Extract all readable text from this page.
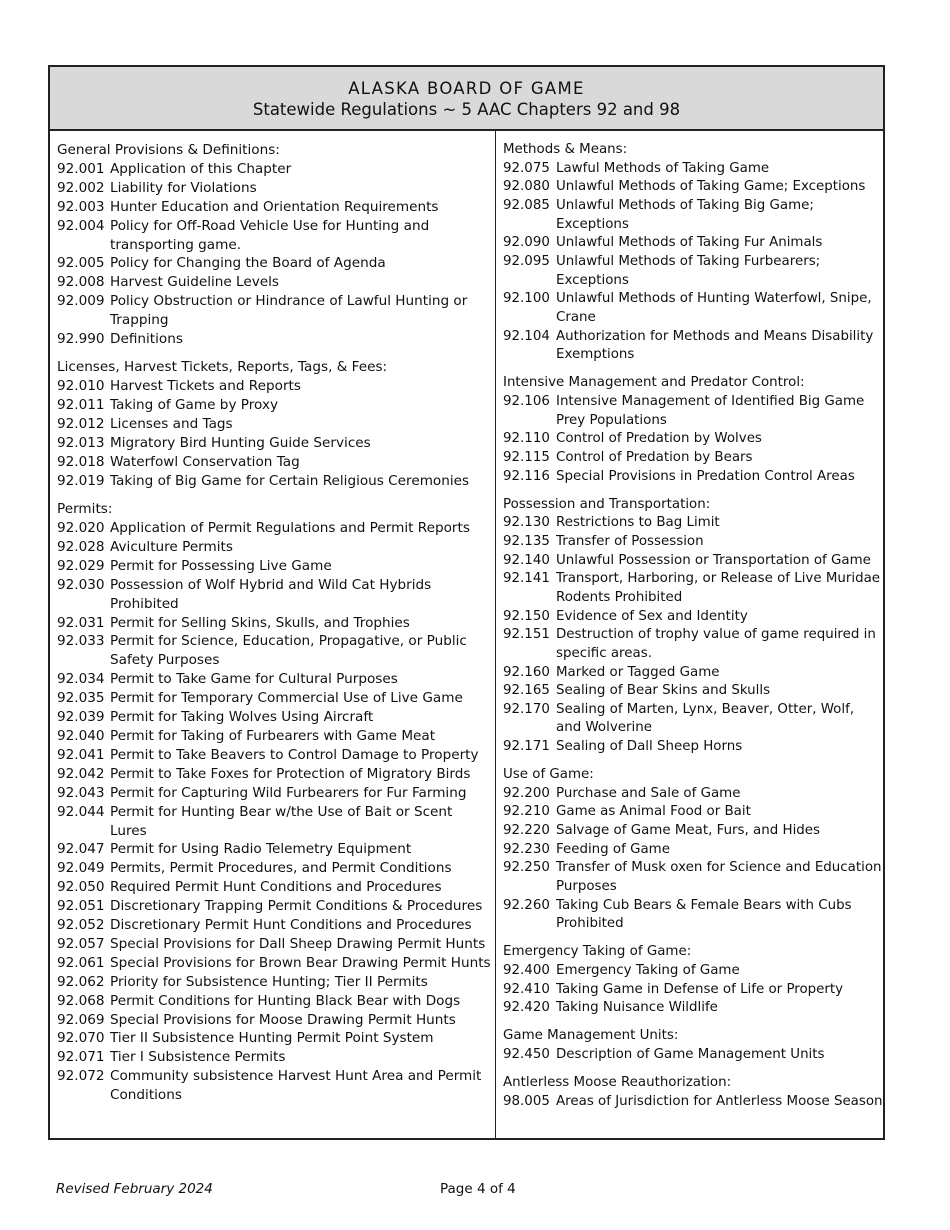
ALASKA BOARD OF GAME
Statewide Regulations ~ 5 AAC Chapters 92 and 98
General Provisions & Definitions:
92.001 Application of this Chapter
92.002 Liability for Violations
92.003 Hunter Education and Orientation Requirements
92.004 Policy for Off-Road Vehicle Use for Hunting and transporting game.
92.005 Policy for Changing the Board of Agenda
92.008 Harvest Guideline Levels
92.009 Policy Obstruction or Hindrance of Lawful Hunting or Trapping
92.990 Definitions
Licenses, Harvest Tickets, Reports, Tags, & Fees:
92.010 Harvest Tickets and Reports
92.011 Taking of Game by Proxy
92.012 Licenses and Tags
92.013 Migratory Bird Hunting Guide Services
92.018 Waterfowl Conservation Tag
92.019 Taking of Big Game for Certain Religious Ceremonies
Permits:
92.020 Application of Permit Regulations and Permit Reports
92.028 Aviculture Permits
92.029 Permit for Possessing Live Game
92.030 Possession of Wolf Hybrid and Wild Cat Hybrids Prohibited
92.031 Permit for Selling Skins, Skulls, and Trophies
92.033 Permit for Science, Education, Propagative, or Public Safety Purposes
92.034 Permit to Take Game for Cultural Purposes
92.035 Permit for Temporary Commercial Use of Live Game
92.039 Permit for Taking Wolves Using Aircraft
92.040 Permit for Taking of Furbearers with Game Meat
92.041 Permit to Take Beavers to Control Damage to Property
92.042 Permit to Take Foxes for Protection of Migratory Birds
92.043 Permit for Capturing Wild Furbearers for Fur Farming
92.044 Permit for Hunting Bear w/the Use of Bait or Scent Lures
92.047 Permit for Using Radio Telemetry Equipment
92.049 Permits, Permit Procedures, and Permit Conditions
92.050 Required Permit Hunt Conditions and Procedures
92.051 Discretionary Trapping Permit Conditions & Procedures
92.052 Discretionary Permit Hunt Conditions and Procedures
92.057 Special Provisions for Dall Sheep Drawing Permit Hunts
92.061 Special Provisions for Brown Bear Drawing Permit Hunts
92.062 Priority for Subsistence Hunting; Tier II Permits
92.068 Permit Conditions for Hunting Black Bear with Dogs
92.069 Special Provisions for Moose Drawing Permit Hunts
92.070 Tier II Subsistence Hunting Permit Point System
92.071 Tier I Subsistence Permits
92.072 Community subsistence Harvest Hunt Area and Permit Conditions
Methods & Means:
92.075 Lawful Methods of Taking Game
92.080 Unlawful Methods of Taking Game; Exceptions
92.085 Unlawful Methods of Taking Big Game; Exceptions
92.090 Unlawful Methods of Taking Fur Animals
92.095 Unlawful Methods of Taking Furbearers; Exceptions
92.100 Unlawful Methods of Hunting Waterfowl, Snipe, Crane
92.104 Authorization for Methods and Means Disability Exemptions
Intensive Management and Predator Control:
92.106 Intensive Management of Identified Big Game Prey Populations
92.110 Control of Predation by Wolves
92.115 Control of Predation by Bears
92.116 Special Provisions in Predation Control Areas
Possession and Transportation:
92.130 Restrictions to Bag Limit
92.135 Transfer of Possession
92.140 Unlawful Possession or Transportation of Game
92.141 Transport, Harboring, or Release of Live Muridae Rodents Prohibited
92.150 Evidence of Sex and Identity
92.151 Destruction of trophy value of game required in specific areas.
92.160 Marked or Tagged Game
92.165 Sealing of Bear Skins and Skulls
92.170 Sealing of Marten, Lynx, Beaver, Otter, Wolf, and Wolverine
92.171 Sealing of Dall Sheep Horns
Use of Game:
92.200 Purchase and Sale of Game
92.210 Game as Animal Food or Bait
92.220 Salvage of Game Meat, Furs, and Hides
92.230 Feeding of Game
92.250 Transfer of Musk oxen for Science and Education Purposes
92.260 Taking Cub Bears & Female Bears with Cubs Prohibited
Emergency Taking of Game:
92.400 Emergency Taking of Game
92.410 Taking Game in Defense of Life or Property
92.420 Taking Nuisance Wildlife
Game Management Units:
92.450 Description of Game Management Units
Antlerless Moose Reauthorization:
98.005 Areas of Jurisdiction for Antlerless Moose Season
Revised February 2024	Page 4 of 4
